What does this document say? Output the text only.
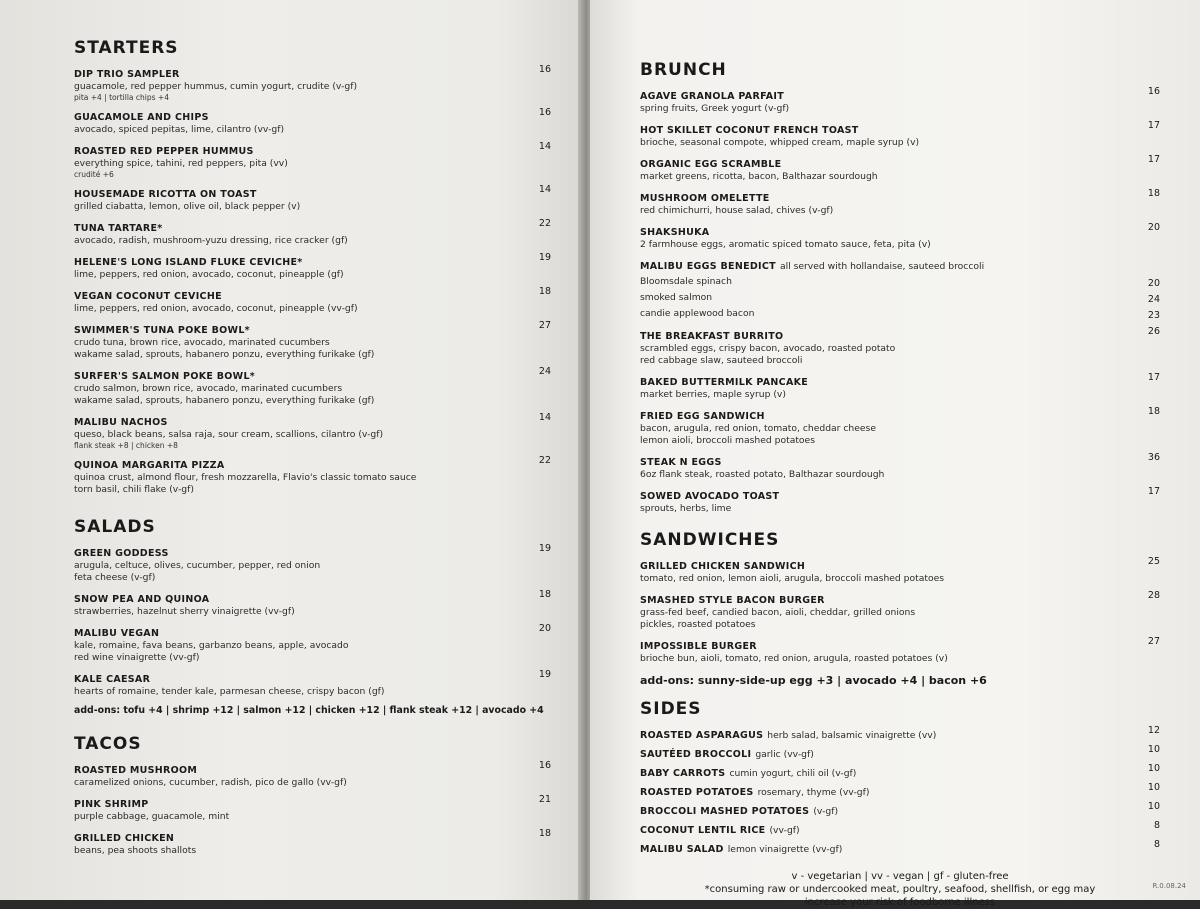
STARTERS
DIP TRIO SAMPLER
guacamole, red pepper hummus, cumin yogurt, crudite (v-gf)
pita +4 | tortilla chips +4
16
GUACAMOLE AND CHIPS
avocado, spiced pepitas, lime, cilantro (vv-gf)
16
ROASTED RED PEPPER HUMMUS
everything spice, tahini, red peppers, pita (vv)
crudité +6
14
HOUSEMADE RICOTTA ON TOAST
grilled ciabatta, lemon, olive oil, black pepper (v)
14
TUNA TARTARE*
avocado, radish, mushroom-yuzu dressing, rice cracker (gf)
22
HELENE'S LONG ISLAND FLUKE CEVICHE*
lime, peppers, red onion, avocado, coconut, pineapple (gf)
19
VEGAN COCONUT CEVICHE
lime, peppers, red onion, avocado, coconut, pineapple (vv-gf)
18
SWIMMER'S TUNA POKE BOWL*
crudo tuna, brown rice, avocado, marinated cucumbers
wakame salad, sprouts, habanero ponzu, everything furikake (gf)
27
SURFER'S SALMON POKE BOWL*
crudo salmon, brown rice, avocado, marinated cucumbers
wakame salad, sprouts, habanero ponzu, everything furikake (gf)
24
MALIBU NACHOS
queso, black beans, salsa raja, sour cream, scallions, cilantro (v-gf)
flank steak +8 | chicken +8
14
QUINOA MARGARITA PIZZA
quinoa crust, almond flour, fresh mozzarella, Flavio's classic tomato sauce
torn basil, chili flake (v-gf)
22
SALADS
GREEN GODDESS
arugula, celtuce, olives, cucumber, pepper, red onion
feta cheese (v-gf)
19
SNOW PEA AND QUINOA
strawberries, hazelnut sherry vinaigrette (vv-gf)
18
MALIBU VEGAN
kale, romaine, fava beans, garbanzo beans, apple, avocado
red wine vinaigrette (vv-gf)
20
KALE CAESAR
hearts of romaine, tender kale, parmesan cheese, crispy bacon (gf)
19
add-ons: tofu +4 | shrimp +12 | salmon +12 | chicken +12 | flank steak +12 | avocado +4
TACOS
ROASTED MUSHROOM
caramelized onions, cucumber, radish, pico de gallo (vv-gf)
16
PINK SHRIMP
purple cabbage, guacamole, mint
21
GRILLED CHICKEN
beans, pea shoots shallots
18
BRUNCH
AGAVE GRANOLA PARFAIT
spring fruits, Greek yogurt (v-gf)
16
HOT SKILLET COCONUT FRENCH TOAST
brioche, seasonal compote, whipped cream, maple syrup (v)
17
ORGANIC EGG SCRAMBLE
market greens, ricotta, bacon, Balthazar sourdough
17
MUSHROOM OMELETTE
red chimichurri, house salad, chives (v-gf)
18
SHAKSHUKA
2 farmhouse eggs, aromatic spiced tomato sauce, feta, pita (v)
20
MALIBU EGGS BENEDICT all served with hollandaise, sauteed broccoli
Bloomsdale spinach	20
smoked salmon	24
candie applewood bacon	23
THE BREAKFAST BURRITO
scrambled eggs, crispy bacon, avocado, roasted potato
red cabbage slaw, sauteed broccoli
26
BAKED BUTTERMILK PANCAKE
market berries, maple syrup (v)
17
FRIED EGG SANDWICH
bacon, arugula, red onion, tomato, cheddar cheese
lemon aioli, broccoli mashed potatoes
18
STEAK N EGGS
6oz flank steak, roasted potato, Balthazar sourdough
36
SOWED AVOCADO TOAST
sprouts, herbs, lime
17
SANDWICHES
GRILLED CHICKEN SANDWICH
tomato, red onion, lemon aioli, arugula, broccoli mashed potatoes
25
SMASHED STYLE BACON BURGER
grass-fed beef, candied bacon, aioli, cheddar, grilled onions
pickles, roasted potatoes
28
IMPOSSIBLE BURGER
brioche bun, aioli, tomato, red onion, arugula, roasted potatoes (v)
27
add-ons: sunny-side-up egg +3 | avocado +4 | bacon +6
SIDES
ROASTED ASPARAGUS herb salad, balsamic vinaigrette (vv)	12
SAUTÉED BROCCOLI garlic (vv-gf)	10
BABY CARROTS cumin yogurt, chili oil (v-gf)	10
ROASTED POTATOES rosemary, thyme (vv-gf)	10
BROCCOLI MASHED POTATOES (v-gf)	10
COCONUT LENTIL RICE (vv-gf)	8
MALIBU SALAD lemon vinaigrette (vv-gf)	8
v - vegetarian | vv - vegan | gf - gluten-free
*consuming raw or undercooked meat, poultry, seafood, shellfish, or egg may
increase your risk of foodborne illness
R.0.08.24
